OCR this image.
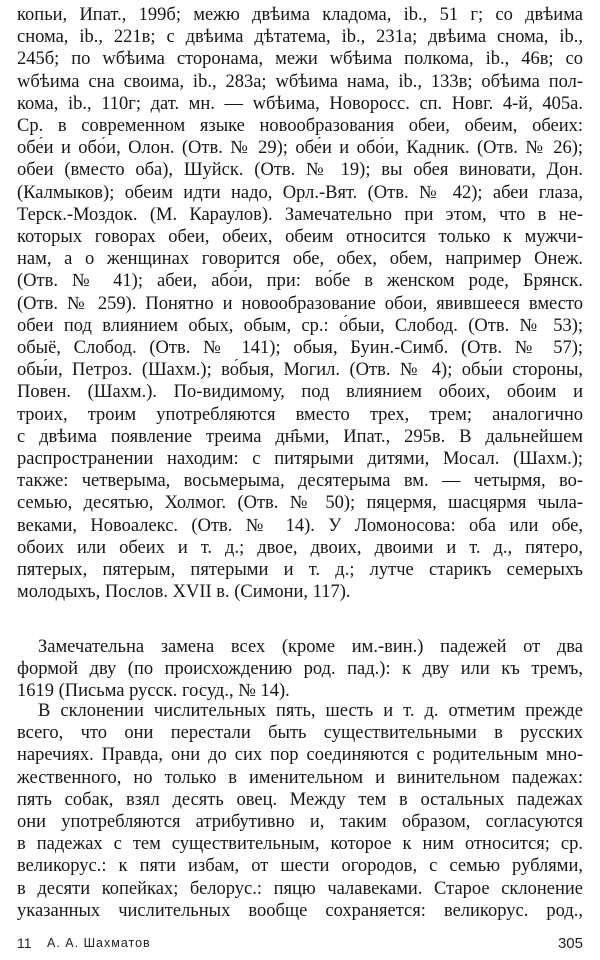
копьи, Ипат., 199б; межю двѣима кладома, ib., 51 г; со двѣима
снома, ib., 221в; с двѣима дѣтатема, ib., 231а; двѣима снома, ib.,
245б; по wбѣима сторонама, межи wбѣима полкома, ib., 46в; со
wбѣима сна своима, ib., 283а; wбѣима нама, ib., 133в; обѣима пол-
кома, ib., 110г; дат. мн. — wбѣима, Новоросс. сп. Новг. 4-й, 405а.
Ср. в современном языке новообразования обеи, обеим, обеих:
обе́и и обо́и, Олон. (Отв. № 29); обе́и и обо́и, Кадник. (Отв. № 26);
обеи (вместо оба), Шуйск. (Отв. № 19); вы обея виновати, Дон.
(Калмыков); обеим идти надо, Орл.-Вят. (Отв. № 42); абеи глаза,
Терск.-Моздок. (М. Караулов). Замечательно при этом, что в не-
которых говорах обеи, обеих, обеим относится только к мужчи-
нам, а о женщинах говорится обе, обех, обем, например Онеж.
(Отв. № 41); абеи, або́и, при: во́бе в женском роде, Брянск.
(Отв. № 259). Понятно и новообразование обои, явившееся вместо
обеи под влиянием обых, обым, ср.: о́быи, Слобод. (Отв. № 53);
обыё, Слобод. (Отв. № 141); обыя, Буин.-Симб. (Отв. № 57);
обы́и, Петроз. (Шахм.); во́быя, Могил. (Отв. № 4); обы́и стороны,
Повен. (Шахм.). По-видимому, под влиянием обоих, обоим и
троих, троим употребляются вместо трех, трем; аналогично
с двѣима появление треима дн҄ьми, Ипат., 295в. В дальнейшем
распространении находим: с питярыми дитями, Мосал. (Шахм.);
также: четверыма, восьмерыма, десятерыма вм. — четырмя, во-
семью, десятью, Холмог. (Отв. № 50); пяцермя, шасцярмя чыла-
веками, Новоалекс. (Отв. № 14). У Ломоносова: оба или обе,
обоих или обеих и т. д.; двое, двоих, двоими и т. д., пятеро,
пятерых, пятерым, пятерыми и т. д.; лутче старикъ семерыхъ
молодыхъ, Послов. XVII в. (Симони, 117).
Замечательна замена всех (кроме им.-вин.) падежей от два
формой дву (по происхождению род. пад.): к дву или къ тремъ,
1619 (Письма русск. госуд., № 14).
В склонении числительных пять, шесть и т. д. отметим прежде
всего, что они перестали быть существительными в русских
наречиях. Правда, они до сих пор соединяются с родительным мно-
жественного, но только в именительном и винительном падежах:
пять собак, взял десять овец. Между тем в остальных падежах
они употребляются атрибутивно и, таким образом, согласуются
в падежах с тем существительным, которое к ним относится; ср.
великорус.: к пяти избам, от шести огородов, с семью рублями,
в десяти копейках; белорус.: пяцю чалавеками. Старое склонение
указанных числительных вообще сохраняется: великорус. род.,
11 А. А. Шахматов	305
